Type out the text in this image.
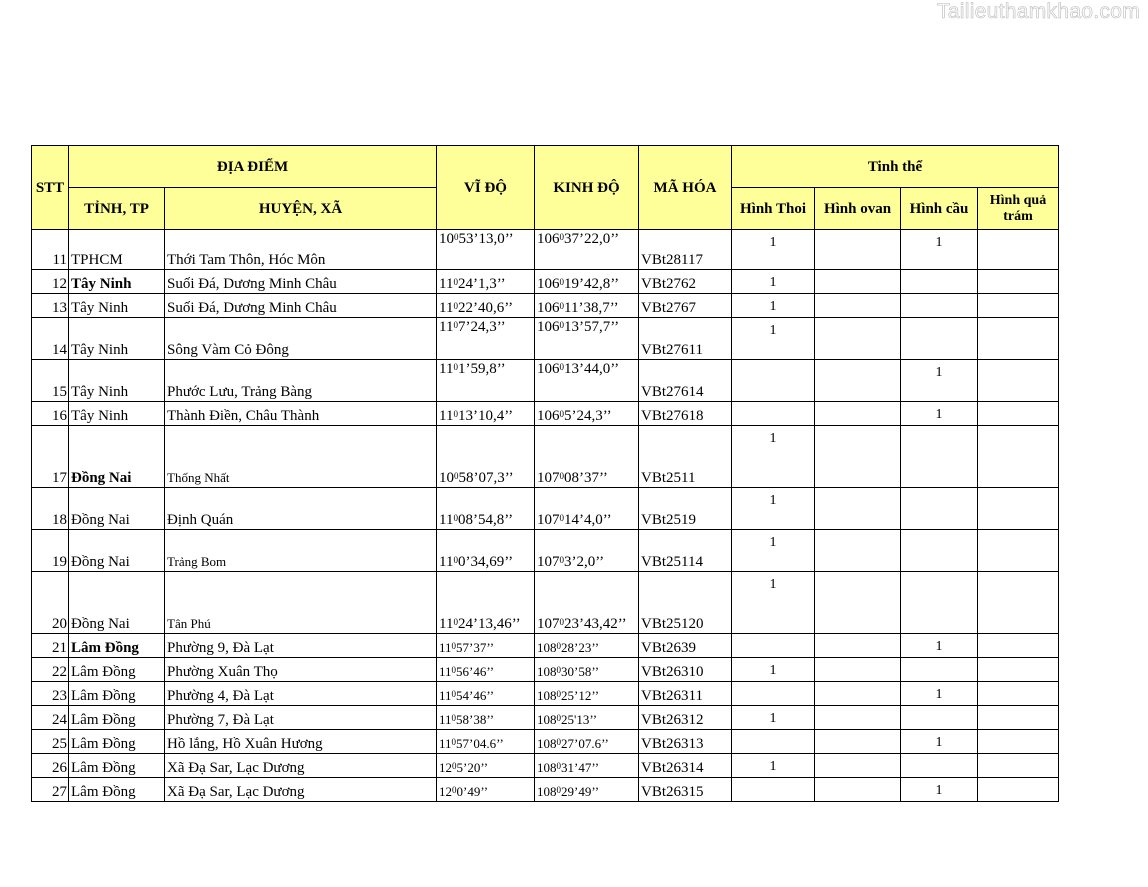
Tailieuthamkhao.com
STT	ĐỊA ĐIỂM		VĨ ĐỘ	KINH ĐỘ	MÃ HÓA	Tinh thể			
	TỈNH, TP	HUYỆN, XÃ				Hình Thoi	Hình ovan	Hình cầu	Hình quả trám
11	TPHCM	Thới Tam Thôn, Hóc Môn	$10^053’13,0$’’	$106^037’22,0$’’	VBt28117	1		1	
12	Tây Ninh	Suối Đá, Dương Minh Châu	$11^024’1,3$’’	$106^019’42,8$’’	VBt2762	1			
13	Tây Ninh	Suối Đá, Dương Minh Châu	$11^022’40,6$’’	$106^011’38,7$’’	VBt2767	1			
14	Tây Ninh	Sông Vàm Cỏ Đông	$11^07’24,3$’’	$106^013’57,7$’’	VBt27611	1			
15	Tây Ninh	Phước Lưu, Trảng Bàng	$11^01’59,8$’’	$106^013’44,0$’’	VBt27614			1	
16	Tây Ninh	Thành Điền, Châu Thành	$11^013’10,4$’’	$106^05’24,3$’’	VBt27618			1	
17	Đồng Nai	Thống Nhất	$10^058’07,3$’’	$107^008’37$’’	VBt2511	1			
18	Đồng Nai	Định Quán	$11^008’54,8$’’	$107^014’4,0$’’	VBt2519	1			
19	Đồng Nai	Trảng Bom	$11^00’34,69$’’	$107^03’2,0$’’	VBt25114	1			
20	Đồng Nai	Tân Phú	$11^024’13,46$’’	$107^023’43,42$’’	VBt25120	1			
21	Lâm Đồng	Phường 9, Đà Lạt	$11^057’37$’’	$108^028’23$’’	VBt2639			1	
22	Lâm Đồng	Phường Xuân Thọ	$11^056’46$’’	$108^030’58$’’	VBt26310	1			
23	Lâm Đồng	Phường 4, Đà Lạt	$11^054’46$’’	$108^025’12$’’	VBt26311			1	
24	Lâm Đồng	Phường 7, Đà Lạt	$11^058’38$’’	$108^025'13$’’	VBt26312	1			
25	Lâm Đồng	Hồ lắng, Hồ Xuân Hương	$11^057’04.6$’’	$108^027’07.6$’’	VBt26313			1	
26	Lâm Đồng	Xã Đạ Sar, Lạc Dương	$12^05’20$’’	$108^031’47$’’	VBt26314	1			
27	Lâm Đồng	Xã Đạ Sar, Lạc Dương	$12^00’49$’’	$108^029’49$’’	VBt26315			1	
